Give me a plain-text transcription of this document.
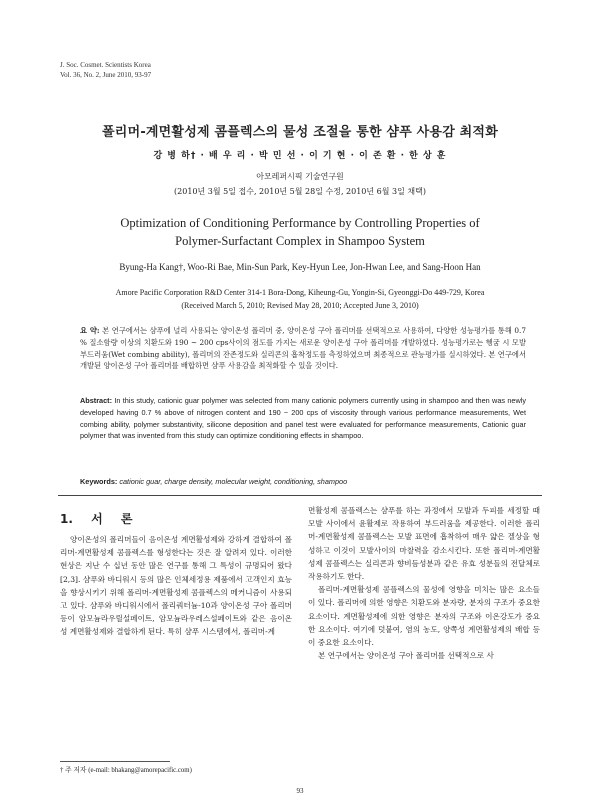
J. Soc. Cosmet. Scientists Korea
Vol. 36, No. 2, June 2010, 93-97
폴리머-계면활성제 콤플렉스의 물성 조절을 통한 샴푸 사용감 최적화
강 병 하† · 배 우 리 · 박 민 선 · 이 기 현 · 이 존 환 · 한 상 훈
아모레퍼시픽 기술연구원
(2010년 3월 5일 접수, 2010년 5월 28일 수정, 2010년 6월 3일 채택)
Optimization of Conditioning Performance by Controlling Properties of
Polymer-Surfactant Complex in Shampoo System
Byung-Ha Kang†, Woo-Ri Bae, Min-Sun Park, Key-Hyun Lee, Jon-Hwan Lee, and Sang-Hoon Han
Amore Pacific Corporation R&D Center 314-1 Bora-Dong, Kiheung-Gu, Yongin-Si, Gyeonggi-Do 449-729, Korea
(Received March 5, 2010; Revised May 28, 2010; Accepted June 3, 2010)
요 약: 본 연구에서는 샴푸에 널리 사용되는 양이온성 폴리머 중, 양이온성 구아 폴리머를 선택적으로 사용하여, 다양한 성능평가를 통해 0.7 % 질소함량 이상의 치환도와 190 ~ 200 cps사이의 점도를 가지는 새로운 양이온성 구아 폴리머를 개발하였다. 성능평가로는 헹굼 시 모발 부드러움(Wet combing ability), 폴리머의 잔존정도와 실리콘의 흡착정도를 측정하였으며 최종적으로 관능평가를 실시하였다. 본 연구에서 개발된 양이온성 구아 폴리머를 배합하면 샴푸 사용감을 최적화할 수 있을 것이다.
Abstract: In this study, cationic guar polymer was selected from many cationic polymers currently using in shampoo and then was newly developed having 0.7 % above of nitrogen content and 190 ~ 200 cps of viscosity through various performance measurements, Wet combing ability, polymer substantivity, silicone deposition and panel test were evaluated for performance measurements, Cationic guar polymer that was invented from this study can optimize conditioning effects in shampoo.
Keywords: cationic guar, charge density, molecular weight, conditioning, shampoo
1. 서 론

양이온성의 폴리머들이 음이온성 계면활성제와 강하게 결합하여 폴리머-계면활성제 콤플렉스를 형성한다는 것은 잘 알려져 있다. 이러한 현상은 지난 수 십년 동안 많은 연구를 통해 그 특성이 규명되어 왔다[2,3]. 샴푸와 바디워시 등의 많은 인체세정용 제품에서 고객인지 효능을 향상시키기 위해 폴리머-계면활성제 콤플렉스의 메커니즘이 사용되고 있다. 샴푸와 바디워시에서 폴리쿼터늄-10과 양이온성 구아 폴리머 등이 암모늄라우릴설페이트, 암모늄라우레스설페이트와 같은 음이온성 계면활성제와 결합하게 된다. 특히 샴푸 시스템에서, 폴리머-계

면활성제 콤플렉스는 샴푸를 하는 과정에서 모발과 두피를 세정할 때 모발 사이에서 윤활제로 작용하여 부드러움을 제공한다. 이러한 폴리머-계면활성제 콤플렉스는 모발 표면에 흡착하여 매우 얇은 겔상을 형성하고 이것이 모발사이의 마찰력을 감소시킨다. 또한 폴리머-계면활성제 콤플렉스는 실리콘과 향비듬성분과 같은 유효 성분들의 전달체로 작용하기도 한다.

폴리머-계면활성제 콤플렉스의 물성에 영향을 미치는 많은 요소들이 있다. 폴리머에 의한 영향은 치환도와 분자량, 분자의 구조가 중요한 요소이다. 계면활성제에 의한 영향은 분자의 구조와 이온강도가 중요한 요소이다. 여기에 덧붙여, 염의 농도, 양쪽성 계면활성제의 배합 등이 중요한 요소이다.

본 연구에서는 양이온성 구아 폴리머를 선택적으로 사

† 주 저자 (e-mail: bhakang@amorepacific.com)
93
